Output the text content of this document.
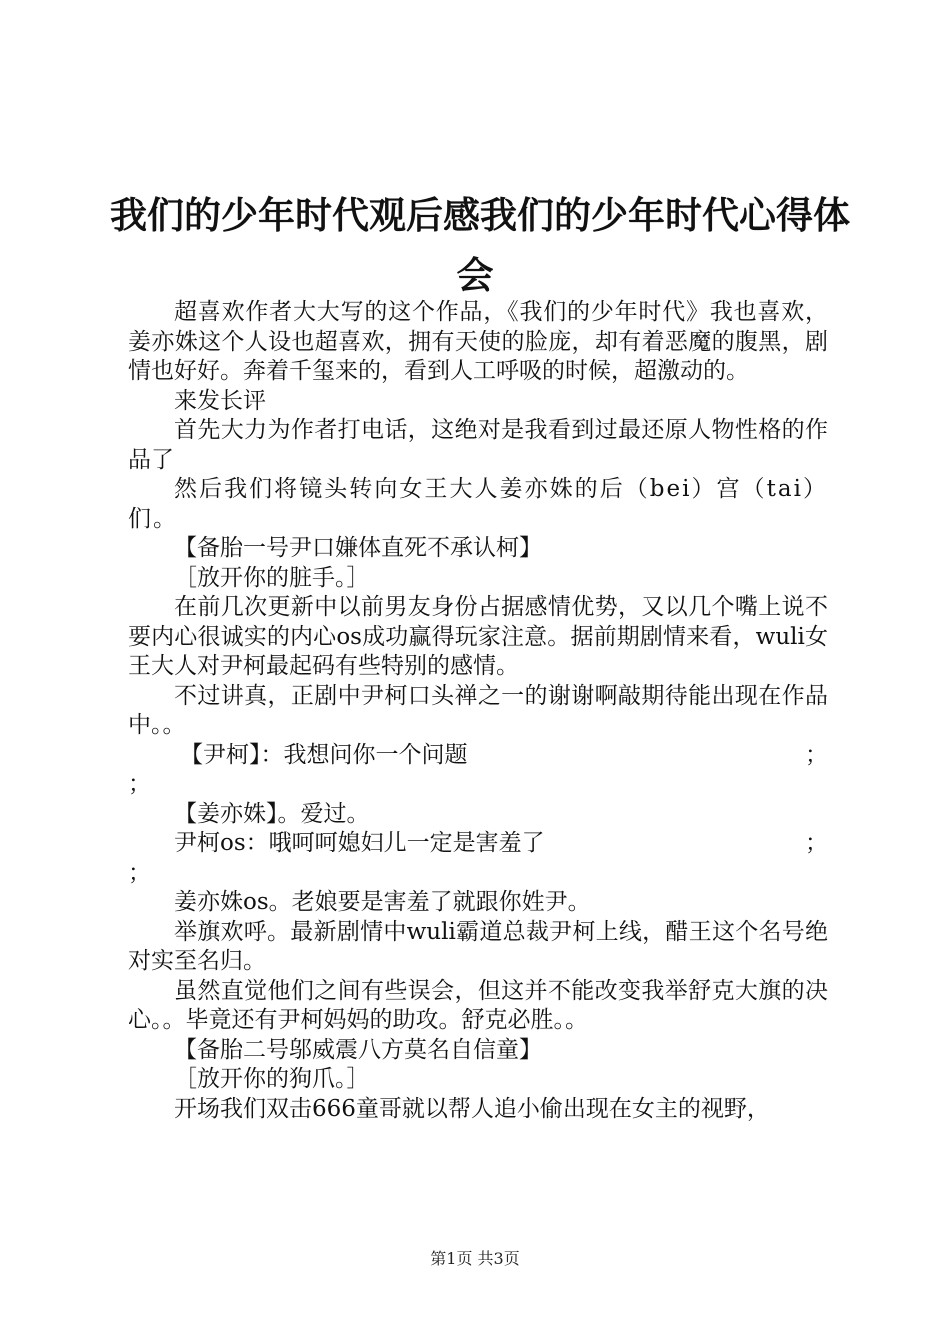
我们的少年时代观后感我们的少年时代心得体
会

超喜欢作者大大写的这个作品，《我们的少年时代》我也喜欢，姜亦姝这个人设也超喜欢，拥有天使的脸庞，却有着恶魔的腹黑，剧情也好好。奔着千玺来的，看到人工呼吸的时候，超激动的。

来发长评

首先大力为作者打电话，这绝对是我看到过最还原人物性格的作品了

然后我们将镜头转向女王大人姜亦姝的后（bei）宫（tai）们。

【备胎一号尹口嫌体直死不承认柯】

［放开你的脏手。］

在前几次更新中以前男友身份占据感情优势，又以几个嘴上说不要内心很诚实的内心os成功赢得玩家注意。据前期剧情来看，wuli女王大人对尹柯最起码有些特别的感情。

不过讲真，正剧中尹柯口头禅之一的谢谢啊敲期待能出现在作品中。。

【尹柯】：我想问你一个问题	；

；

【姜亦姝】。爱过。

尹柯os：哦呵呵媳妇儿一定是害羞了	；

；

姜亦姝os。老娘要是害羞了就跟你姓尹。

举旗欢呼。最新剧情中wuli霸道总裁尹柯上线，醋王这个名号绝对实至名归。

虽然直觉他们之间有些误会，但这并不能改变我举舒克大旗的决心。。毕竟还有尹柯妈妈的助攻。舒克必胜。。

【备胎二号邬威震八方莫名自信童】

［放开你的狗爪。］

开场我们双击666童哥就以帮人追小偷出现在女主的视野，

第1页 共3页
